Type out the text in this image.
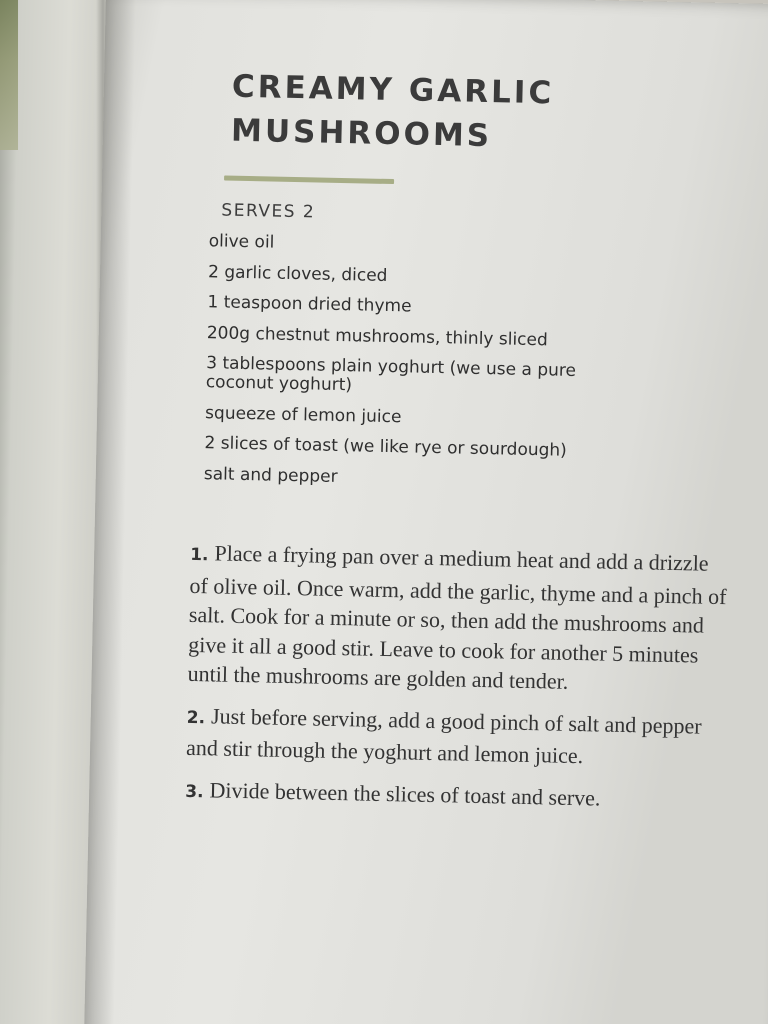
CREAMY GARLIC MUSHROOMS
SERVES 2
olive oil
2 garlic cloves, diced
1 teaspoon dried thyme
200g chestnut mushrooms, thinly sliced
3 tablespoons plain yoghurt (we use a pure coconut yoghurt)
squeeze of lemon juice
2 slices of toast (we like rye or sourdough)
salt and pepper
1. Place a frying pan over a medium heat and add a drizzle of olive oil. Once warm, add the garlic, thyme and a pinch of salt. Cook for a minute or so, then add the mushrooms and give it all a good stir. Leave to cook for another 5 minutes until the mushrooms are golden and tender.
2. Just before serving, add a good pinch of salt and pepper and stir through the yoghurt and lemon juice.
3. Divide between the slices of toast and serve.
